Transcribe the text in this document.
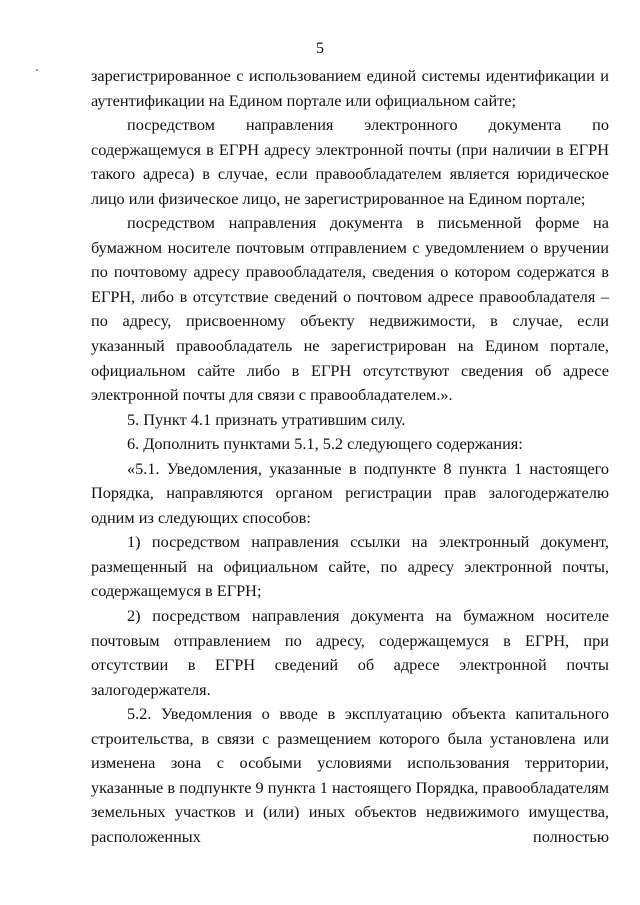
5

зарегистрированное с использованием единой системы идентификации и аутентификации на Едином портале или официальном сайте;

посредством направления электронного документа по содержащемуся в ЕГРН адресу электронной почты (при наличии в ЕГРН такого адреса) в случае, если правообладателем является юридическое лицо или физическое лицо, не зарегистрированное на Едином портале;

посредством направления документа в письменной форме на бумажном носителе почтовым отправлением с уведомлением о вручении по почтовому адресу правообладателя, сведения о котором содержатся в ЕГРН, либо в отсутствие сведений о почтовом адресе правообладателя – по адресу, присвоенному объекту недвижимости, в случае, если указанный правообладатель не зарегистрирован на Едином портале, официальном сайте либо в ЕГРН отсутствуют сведения об адресе электронной почты для связи с правообладателем.».

5. Пункт 4.1 признать утратившим силу.

6. Дополнить пунктами 5.1, 5.2 следующего содержания:

«5.1. Уведомления, указанные в подпункте 8 пункта 1 настоящего Порядка, направляются органом регистрации прав залогодержателю одним из следующих способов:

1) посредством направления ссылки на электронный документ, размещенный на официальном сайте, по адресу электронной почты, содержащемуся в ЕГРН;

2) посредством направления документа на бумажном носителе почтовым отправлением по адресу, содержащемуся в ЕГРН, при отсутствии в ЕГРН сведений об адресе электронной почты залогодержателя.

5.2. Уведомления о вводе в эксплуатацию объекта капитального строительства, в связи с размещением которого была установлена или изменена зона с особыми условиями использования территории, указанные в подпункте 9 пункта 1 настоящего Порядка, правообладателям земельных участков и (или) иных объектов недвижимого имущества, расположенных полностью
